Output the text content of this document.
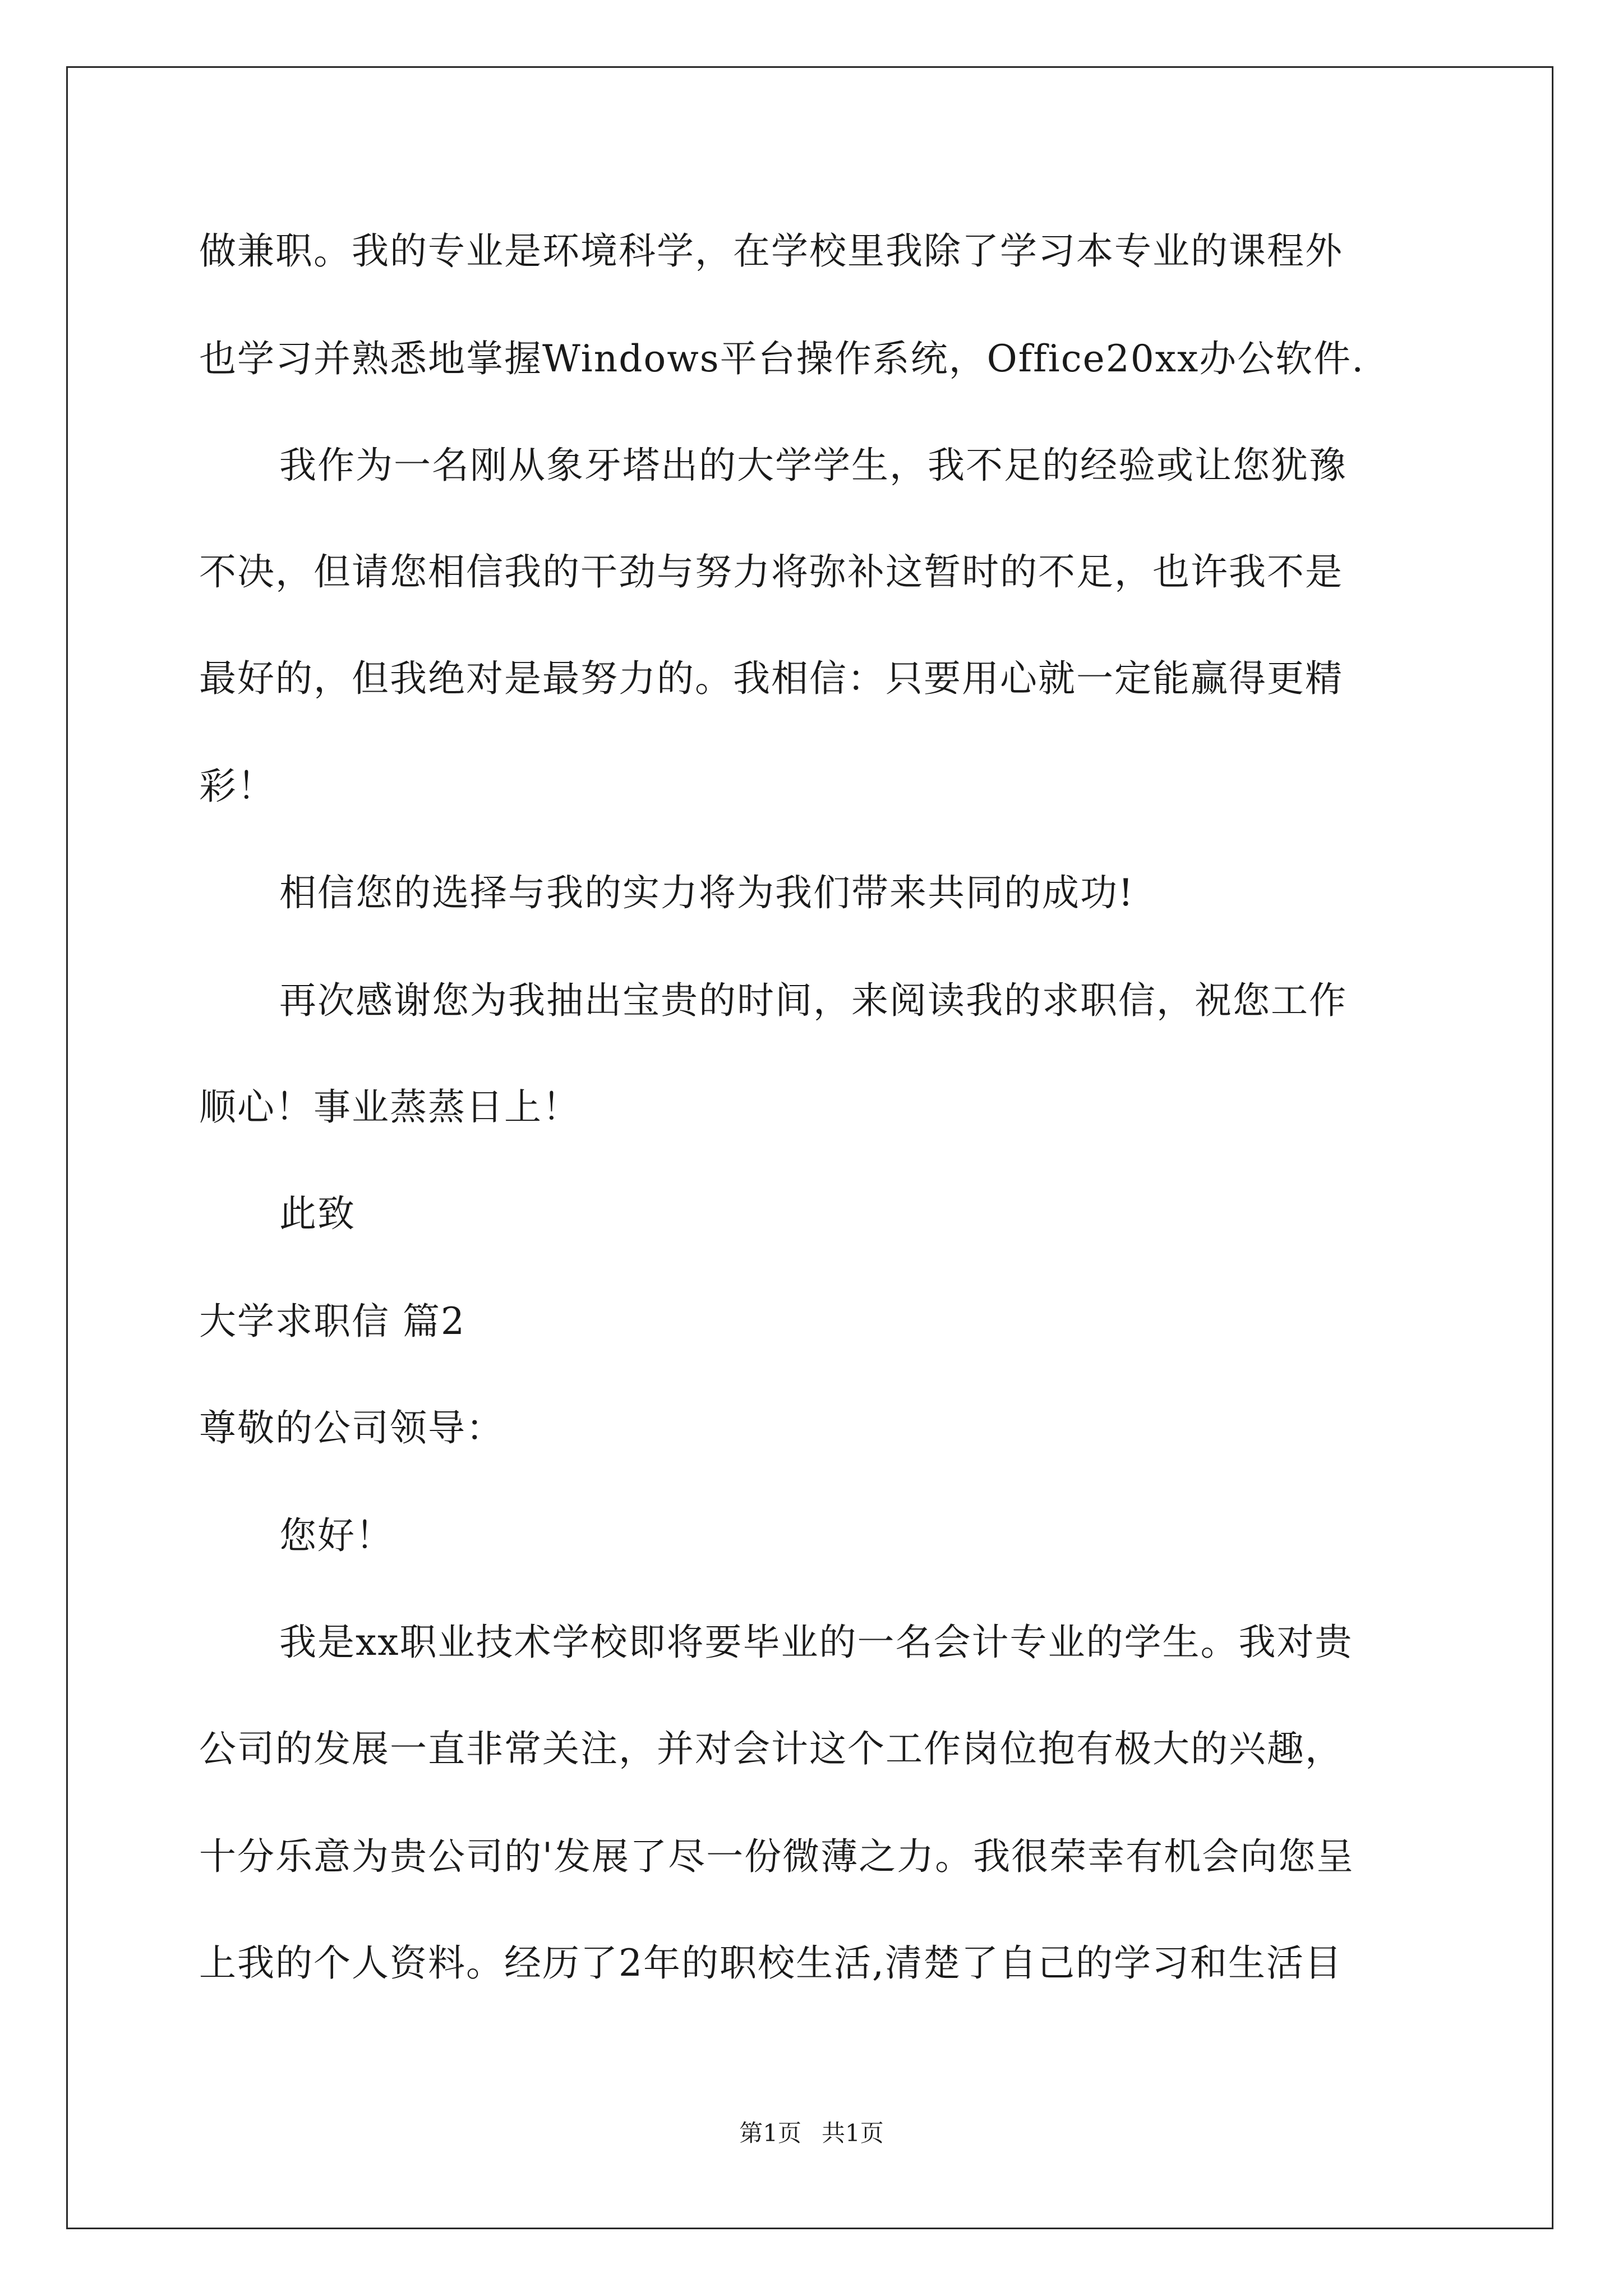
做兼职。我的专业是环境科学，在学校里我除了学习本专业的课程外
也学习并熟悉地掌握Windows平台操作系统，Office20xx办公软件.
我作为一名刚从象牙塔出的大学学生，我不足的经验或让您犹豫
不决，但请您相信我的干劲与努力将弥补这暂时的不足，也许我不是
最好的，但我绝对是最努力的。我相信：只要用心就一定能赢得更精
彩！
相信您的选择与我的实力将为我们带来共同的成功!
再次感谢您为我抽出宝贵的时间，来阅读我的求职信，祝您工作
顺心！事业蒸蒸日上！
此致
大学求职信 篇2
尊敬的公司领导：
您好！
我是xx职业技术学校即将要毕业的一名会计专业的学生。我对贵
公司的发展一直非常关注，并对会计这个工作岗位抱有极大的兴趣，
十分乐意为贵公司的'发展了尽一份微薄之力。我很荣幸有机会向您呈
上我的个人资料。经历了2年的职校生活,清楚了自己的学习和生活目
第1页 共1页
